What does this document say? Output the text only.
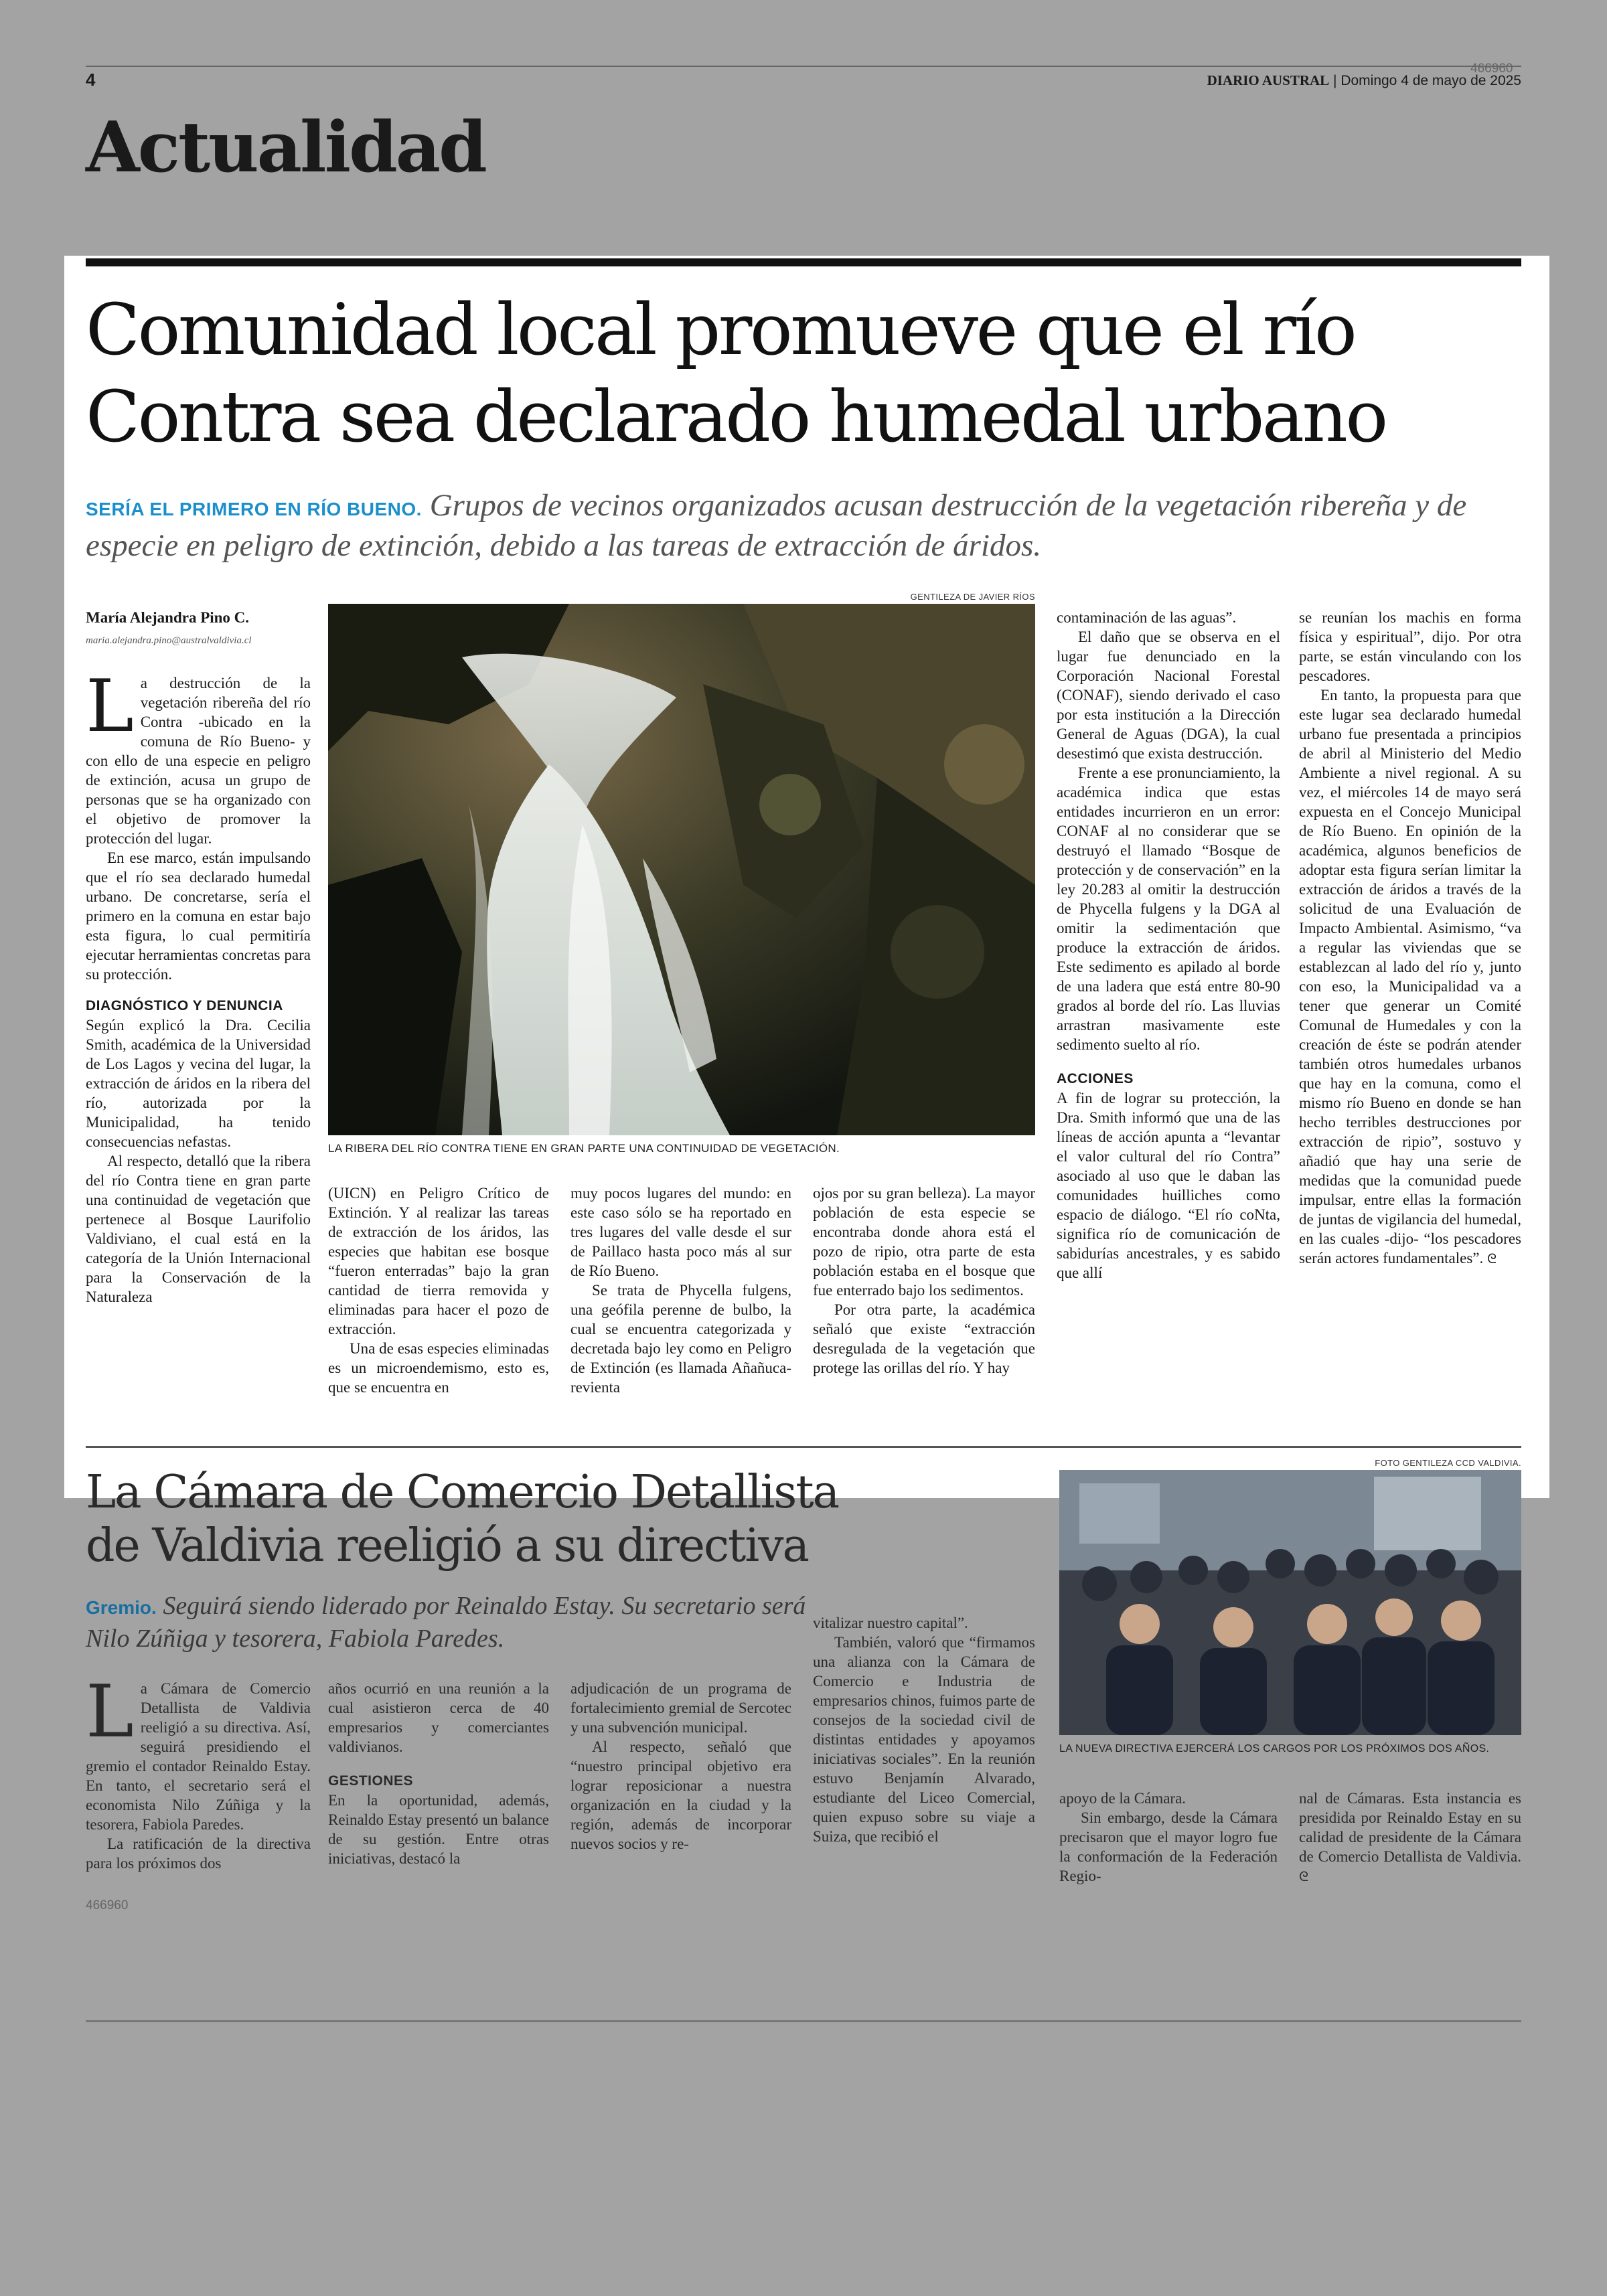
4
466960
DIARIO AUSTRAL | Domingo 4 de mayo de 2025
Actualidad
Comunidad local promueve que el río
Contra sea declarado humedal urbano
SERÍA EL PRIMERO EN RÍO BUENO. Grupos de vecinos organizados acusan destrucción de la vegetación ribereña y de especie en peligro de extinción, debido a las tareas de extracción de áridos.
GENTILEZA DE JAVIER RÍOS
LA RIBERA DEL RÍO CONTRA TIENE EN GRAN PARTE UNA CONTINUIDAD DE VEGETACIÓN.
María Alejandra Pino C.
maria.alejandra.pino@australvaldivia.cl

La destrucción de la vegetación ribereña del río Contra -ubicado en la comuna de Río Bueno- y con ello de una especie en peligro de extinción, acusa un grupo de personas que se ha organizado con el objetivo de promover la protección del lugar.

En ese marco, están impulsando que el río sea declarado humedal urbano. De concretarse, sería el primero en la comuna en estar bajo esta figura, lo cual permitiría ejecutar herramientas concretas para su protección.

DIAGNÓSTICO Y DENUNCIA

Según explicó la Dra. Cecilia Smith, académica de la Universidad de Los Lagos y vecina del lugar, la extracción de áridos en la ribera del río, autorizada por la Municipalidad, ha tenido consecuencias nefastas.

Al respecto, detalló que la ribera del río Contra tiene en gran parte una continuidad de vegetación que pertenece al Bosque Laurifolio Valdiviano, el cual está en la categoría de la Unión Internacional para la Conservación de la Naturaleza

(UICN) en Peligro Crítico de Extinción. Y al realizar las tareas de extracción de los áridos, las especies que habitan ese bosque “fueron enterradas” bajo la gran cantidad de tierra removida y eliminadas para hacer el pozo de extracción.

Una de esas especies eliminadas es un microendemismo, esto es, que se encuentra en

muy pocos lugares del mundo: en este caso sólo se ha reportado en tres lugares del valle desde el sur de Paillaco hasta poco más al sur de Río Bueno.

Se trata de Phycella fulgens, una geófila perenne de bulbo, la cual se encuentra categorizada y decretada bajo ley como en Peligro de Extinción (es llamada Añañuca-revienta

ojos por su gran belleza). La mayor población de esta especie se encontraba donde ahora está el pozo de ripio, otra parte de esta población estaba en el bosque que fue enterrado bajo los sedimentos.

Por otra parte, la académica señaló que existe “extracción desregulada de la vegetación que protege las orillas del río. Y hay

contaminación de las aguas”.

El daño que se observa en el lugar fue denunciado en la Corporación Nacional Forestal (CONAF), siendo derivado el caso por esta institución a la Dirección General de Aguas (DGA), la cual desestimó que exista destrucción.

Frente a ese pronunciamiento, la académica indica que estas entidades incurrieron en un error: CONAF al no considerar que se destruyó el llamado “Bosque de protección y de conservación” en la ley 20.283 al omitir la destrucción de Phycella fulgens y la DGA al omitir la sedimentación que produce la extracción de áridos. Este sedimento es apilado al borde de una ladera que está entre 80-90 grados al borde del río. Las lluvias arrastran masivamente este sedimento suelto al río.

ACCIONES

A fin de lograr su protección, la Dra. Smith informó que una de las líneas de acción apunta a “levantar el valor cultural del río Contra” asociado al uso que le daban las comunidades huilliches como espacio de diálogo. “El río coNta, significa río de comunicación de sabidurías ancestrales, y es sabido que allí

se reunían los machis en forma física y espiritual”, dijo. Por otra parte, se están vinculando con los pescadores.

En tanto, la propuesta para que este lugar sea declarado humedal urbano fue presentada a principios de abril al Ministerio del Medio Ambiente a nivel regional. A su vez, el miércoles 14 de mayo será expuesta en el Concejo Municipal de Río Bueno. En opinión de la académica, algunos beneficios de adoptar esta figura serían limitar la extracción de áridos a través de la solicitud de una Evaluación de Impacto Ambiental. Asimismo, “va a regular las viviendas que se establezcan al lado del río y, junto con eso, la Municipalidad va a tener que generar un Comité Comunal de Humedales y con la creación de éste se podrán atender también otros humedales urbanos que hay en la comuna, como el mismo río Bueno en donde se han hecho terribles destrucciones por extracción de ripio”, sostuvo y añadió que hay una serie de medidas que la comunidad puede impulsar, entre ellas la formación de juntas de vigilancia del humedal, en las cuales -dijo- “los pescadores serán actores fundamentales”. ᘓ

La Cámara de Comercio Detallista
de Valdivia reeligió a su directiva
Gremio. Seguirá siendo liderado por Reinaldo Estay. Su secretario será Nilo Zúñiga y tesorera, Fabiola Paredes.
FOTO GENTILEZA CCD VALDIVIA.
LA NUEVA DIRECTIVA EJERCERÁ LOS CARGOS POR LOS PRÓXIMOS DOS AÑOS.

La Cámara de Comercio Detallista de Valdivia reeligió a su directiva. Así, seguirá presidiendo el gremio el contador Reinaldo Estay. En tanto, el secretario será el economista Nilo Zúñiga y la tesorera, Fabiola Paredes.

La ratificación de la directiva para los próximos dos

años ocurrió en una reunión a la cual asistieron cerca de 40 empresarios y comerciantes valdivianos.

GESTIONES

En la oportunidad, además, Reinaldo Estay presentó un balance de su gestión. Entre otras iniciativas, destacó la

adjudicación de un programa de fortalecimiento gremial de Sercotec y una subvención municipal.

Al respecto, señaló que “nuestro principal objetivo era lograr reposicionar a nuestra organización en la ciudad y la región, además de incorporar nuevos socios y re-

vitalizar nuestro capital”.

También, valoró que “firmamos una alianza con la Cámara de Comercio e Industria de empresarios chinos, fuimos parte de consejos de la sociedad civil de distintas entidades y apoyamos iniciativas sociales”. En la reunión estuvo Benjamín Alvarado, estudiante del Liceo Comercial, quien expuso sobre su viaje a Suiza, que recibió el

apoyo de la Cámara.

Sin embargo, desde la Cámara precisaron que el mayor logro fue la conformación de la Federación Regio-

nal de Cámaras. Esta instancia es presidida por Reinaldo Estay en su calidad de presidente de la Cámara de Comercio Detallista de Valdivia. ᘓ

466960
